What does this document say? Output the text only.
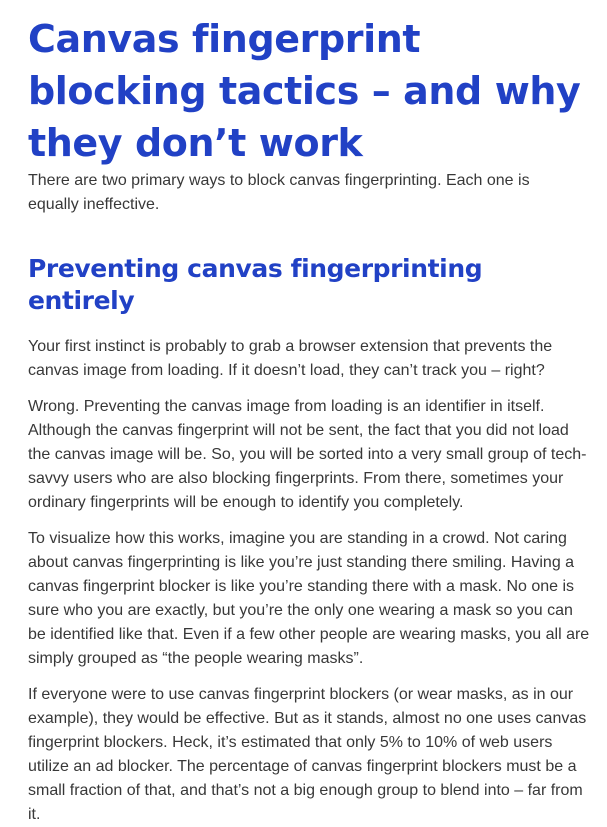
Canvas fingerprint blocking tactics – and why they don’t work

There are two primary ways to block canvas fingerprinting. Each one is equally ineffective.

Preventing canvas fingerprinting entirely

Your first instinct is probably to grab a browser extension that prevents the canvas image from loading. If it doesn’t load, they can’t track you – right?

Wrong. Preventing the canvas image from loading is an identifier in itself. Although the canvas fingerprint will not be sent, the fact that you did not load the canvas image will be. So, you will be sorted into a very small group of tech-savvy users who are also blocking fingerprints. From there, sometimes your ordinary fingerprints will be enough to identify you completely.

To visualize how this works, imagine you are standing in a crowd. Not caring about canvas fingerprinting is like you’re just standing there smiling. Having a canvas fingerprint blocker is like you’re standing there with a mask. No one is sure who you are exactly, but you’re the only one wearing a mask so you can be identified like that. Even if a few other people are wearing masks, you all are simply grouped as “the people wearing masks”.

If everyone were to use canvas fingerprint blockers (or wear masks, as in our example), they would be effective. But as it stands, almost no one uses canvas fingerprint blockers. Heck, it’s estimated that only 5% to 10% of web users utilize an ad blocker. The percentage of canvas fingerprint blockers must be a small fraction of that, and that’s not a big enough group to blend into – far from it.
